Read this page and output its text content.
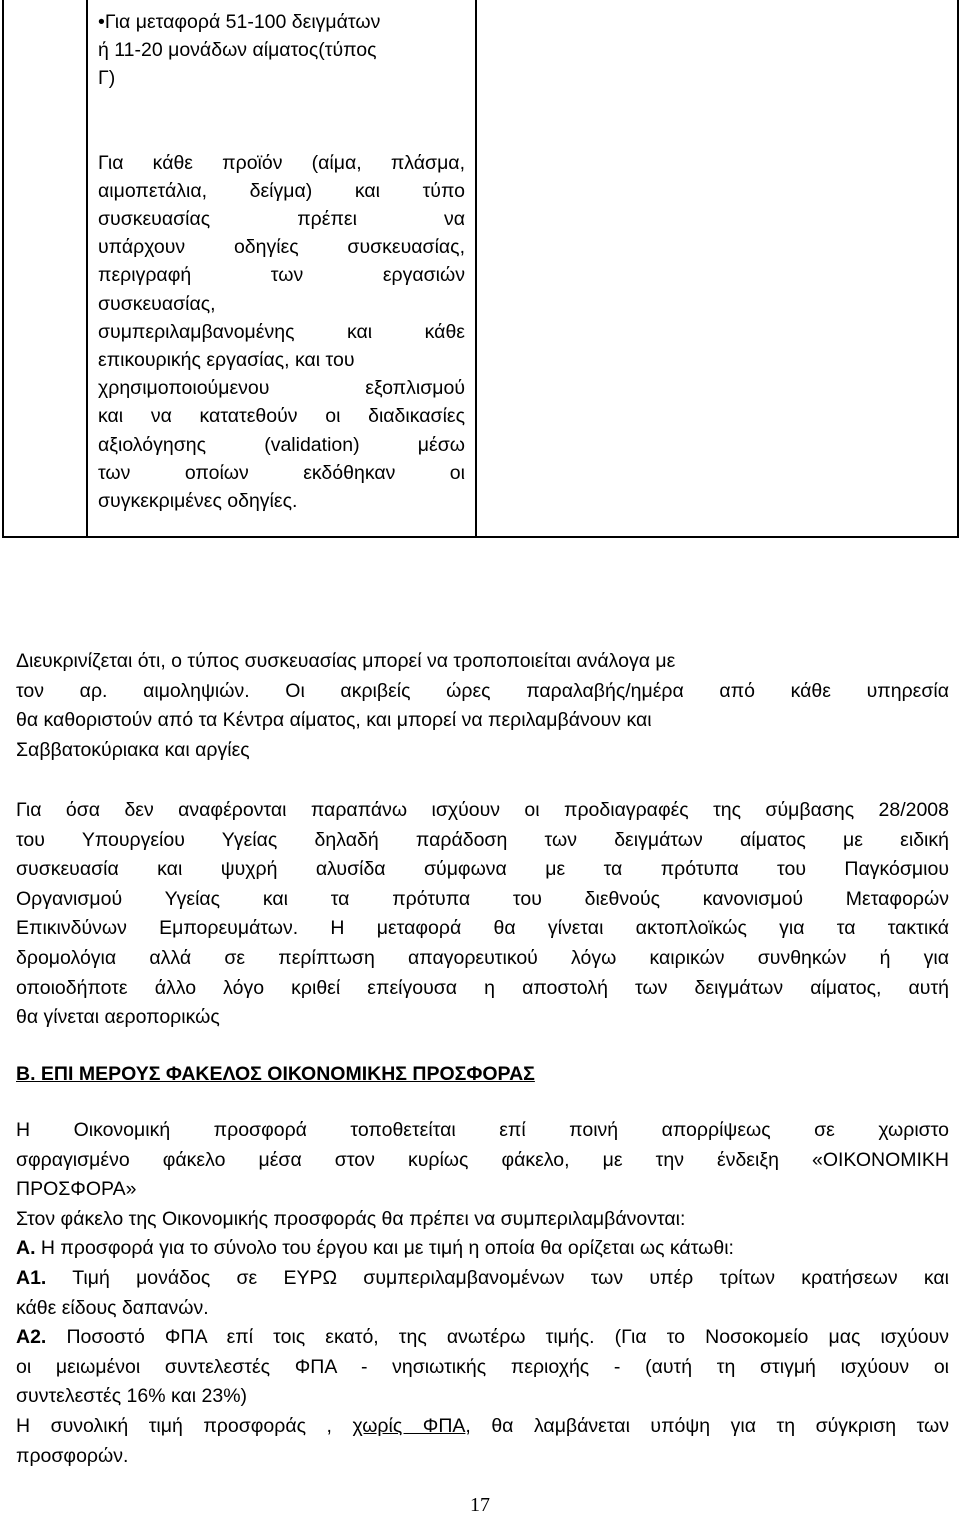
•Για μεταφορά 51-100 δειγμάτων

ή 11-20 μονάδων αίματος(τύπος

Γ)

Για κάθε προϊόν (αίμα, πλάσμα,

αιμοπετάλια, δείγμα) και τύπο

συσκευασίας πρέπει να

υπάρχουν οδηγίες συσκευασίας,

περιγραφή των εργασιών

συσκευασίας,

συμπεριλαμβανομένης και κάθε

επικουρικής εργασίας, και του

χρησιμοποιούμενου εξοπλισμού

και να κατατεθούν οι διαδικασίες

αξιολόγησης (validation) μέσω

των οποίων εκδόθηκαν οι

συγκεκριμένες οδηγίες.

Διευκρινίζεται ότι, ο τύπος συσκευασίας μπορεί να τροποποιείται ανάλογα με

τον αρ. αιμοληψιών. Οι ακριβείς ώρες παραλαβής/ημέρα από κάθε υπηρεσία

θα καθοριστούν από τα Κέντρα αίματος, και μπορεί να περιλαμβάνουν και

Σαββατοκύριακα και αργίες

Για όσα δεν αναφέρονται παραπάνω ισχύουν οι προδιαγραφές της σύμβασης 28/2008

του Υπουργείου Υγείας δηλαδή παράδοση των δειγμάτων αίματος με ειδική

συσκευασία και ψυχρή αλυσίδα σύμφωνα με τα πρότυπα του Παγκόσμιου

Οργανισμού Υγείας και τα πρότυπα του διεθνούς κανονισμού Μεταφορών

Επικινδύνων Εμπορευμάτων. Η μεταφορά θα γίνεται ακτοπλοϊκώς για τα τακτικά

δρομολόγια αλλά σε περίπτωση απαγορευτικού λόγω καιρικών συνθηκών ή για

οποιοδήποτε άλλο λόγο κριθεί επείγουσα η αποστολή των δειγμάτων αίματος, αυτή

θα γίνεται αεροπορικώς

Β. ΕΠΙ ΜΕΡΟΥΣ ΦΑΚΕΛΟΣ ΟΙΚΟΝΟΜΙΚΗΣ ΠΡΟΣΦΟΡΑΣ

Η Οικονομική προσφορά τοποθετείται επί ποινή απορρίψεως σε χωριστο

σφραγισμένο φάκελο μέσα στον κυρίως φάκελο, με την ένδειξη «ΟΙΚΟΝΟΜΙΚΗ

ΠΡΟΣΦΟΡΑ»

Στον φάκελο της Οικονομικής προσφοράς θα πρέπει να συμπεριλαμβάνονται:

Α. Η προσφορά για το σύνολο του έργου και με τιμή η οποία θα ορίζεται ως κάτωθι:

Α1. Τιμή μονάδος σε ΕΥΡΩ συμπεριλαμβανομένων των υπέρ τρίτων κρατήσεων και

κάθε είδους δαπανών.

Α2. Ποσοστό ΦΠΑ επί τοις εκατό, της ανωτέρω τιμής. (Για το Νοσοκομείο μας ισχύουν

οι μειωμένοι συντελεστές ΦΠΑ - νησιωτικής περιοχής - (αυτή τη στιγμή ισχύουν οι

συντελεστές 16% και 23%)

Η συνολική τιμή προσφοράς , χωρίς ΦΠΑ, θα λαμβάνεται υπόψη για τη σύγκριση των

προσφορών.

17
